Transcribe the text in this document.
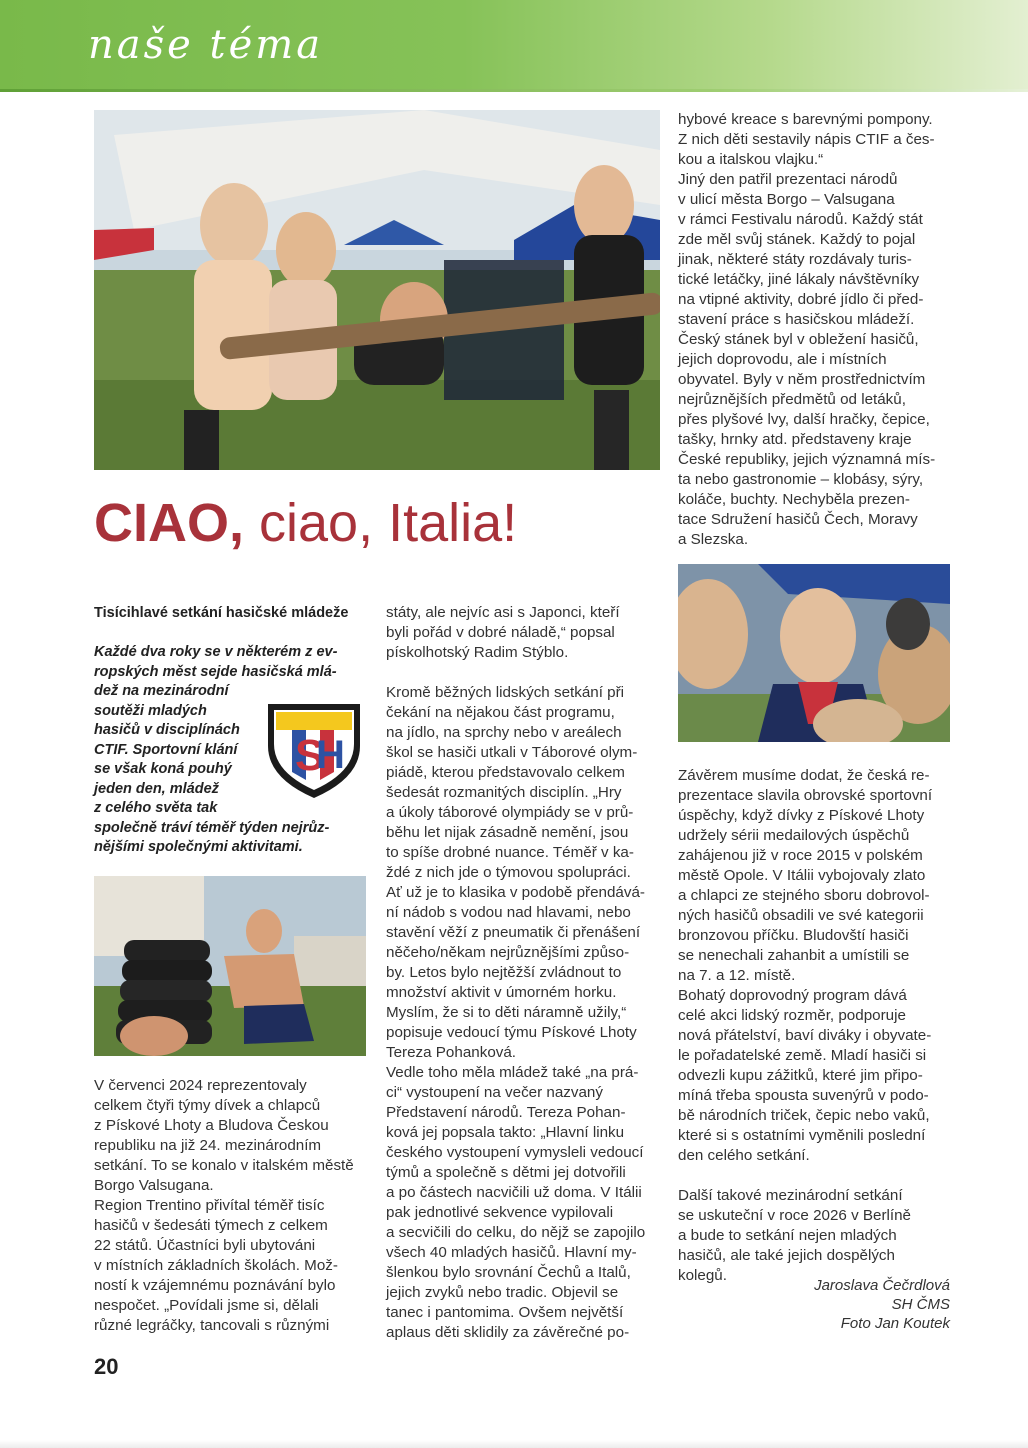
naše téma
CIAO, ciao, Italia!

hybové kreace s barevnými pompony.

Z nich děti sestavily nápis CTIF a čes-

kou a italskou vlajku.“

Jiný den patřil prezentaci národů

v ulicí města Borgo – Valsugana

v rámci Festivalu národů. Každý stát

zde měl svůj stánek. Každý to pojal

jinak, některé státy rozdávaly turis-

tické letáčky, jiné lákaly návštěvníky

na vtipné aktivity, dobré jídlo či před-

stavení práce s hasičskou mládeží.

Český stánek byl v obležení hasičů,

jejich doprovodu, ale i místních

obyvatel. Byly v něm prostřednictvím

nejrůznějších předmětů od letáků,

přes plyšové lvy, další hračky, čepice,

tašky, hrnky atd. představeny kraje

České republiky, jejich významná mís-

ta nebo gastronomie – klobásy, sýry,

koláče, buchty. Nechyběla prezen-

tace Sdružení hasičů Čech, Moravy

a Slezska.

Závěrem musíme dodat, že česká re-

prezentace slavila obrovské sportovní

úspěchy, když dívky z Pískové Lhoty

udržely sérii medailových úspěchů

zahájenou již v roce 2015 v polském

městě Opole. V Itálii vybojovaly zlato

a chlapci ze stejného sboru dobrovol-

ných hasičů obsadili ve své kategorii

bronzovou příčku. Bludovští hasiči

se nenechali zahanbit a umístili se

na 7. a 12. místě.

Bohatý doprovodný program dává

celé akci lidský rozměr, podporuje

nová přátelství, baví diváky i obyvate-

le pořadatelské země. Mladí hasiči si

odvezli kupu zážitků, které jim připo-

míná třeba spousta suvenýrů v podo-

bě národních triček, čepic nebo vaků,

které si s ostatními vyměnili poslední

den celého setkání.

Další takové mezinárodní setkání

se uskuteční v roce 2026 v Berlíně

a bude to setkání nejen mladých

hasičů, ale také jejich dospělých

kolegů.

Jaroslava Čečrdlová

SH ČMS

Foto Jan Koutek

Tisícihlavé setkání hasičské mládeže

Každé dva roky se v některém z ev-

ropských měst sejde hasičská mlá-

dež na mezinárodní

soutěži mladých

hasičů v disciplínách

CTIF. Sportovní klání

se však koná pouhý

jeden den, mládež

z celého světa tak

společně tráví téměř týden nejrůz-

nějšími společnými aktivitami.

S
H

V červenci 2024 reprezentovaly

celkem čtyři týmy dívek a chlapců

z Pískové Lhoty a Bludova Českou

republiku na již 24. mezinárodním

setkání. To se konalo v italském městě

Borgo Valsugana.

Region Trentino přivítal téměř tisíc

hasičů v šedesáti týmech z celkem

22 států. Účastníci byli ubytováni

v místních základních školách. Mož-

ností k vzájemnému poznávání bylo

nespočet. „Povídali jsme si, dělali

různé legráčky, tancovali s různými

státy, ale nejvíc asi s Japonci, kteří

byli pořád v dobré náladě,“ popsal

pískolhotský Radim Stýblo.

Kromě běžných lidských setkání při

čekání na nějakou část programu,

na jídlo, na sprchy nebo v areálech

škol se hasiči utkali v Táborové olym-

piádě, kterou představovalo celkem

šedesát rozmanitých disciplín. „Hry

a úkoly táborové olympiády se v prů-

běhu let nijak zásadně nemění, jsou

to spíše drobné nuance. Téměř v ka-

ždé z nich jde o týmovou spolupráci.

Ať už je to klasika v podobě přendává-

ní nádob s vodou nad hlavami, nebo

stavění věží z pneumatik či přenášení

něčeho/někam nejrůznějšími způso-

by. Letos bylo nejtěžší zvládnout to

množství aktivit v úmorném horku.

Myslím, že si to děti náramně užily,“

popisuje vedoucí týmu Pískové Lhoty

Tereza Pohanková.

Vedle toho měla mládež také „na prá-

ci“ vystoupení na večer nazvaný

Představení národů. Tereza Pohan-

ková jej popsala takto: „Hlavní linku

českého vystoupení vymysleli vedoucí

týmů a společně s dětmi jej dotvořili

a po částech nacvičili už doma. V Itálii

pak jednotlivé sekvence vypilovali

a secvičili do celku, do nějž se zapojilo

všech 40 mladých hasičů. Hlavní my-

šlenkou bylo srovnání Čechů a Italů,

jejich zvyků nebo tradic. Objevil se

tanec i pantomima. Ovšem největší

aplaus děti sklidily za závěrečné po-

20
